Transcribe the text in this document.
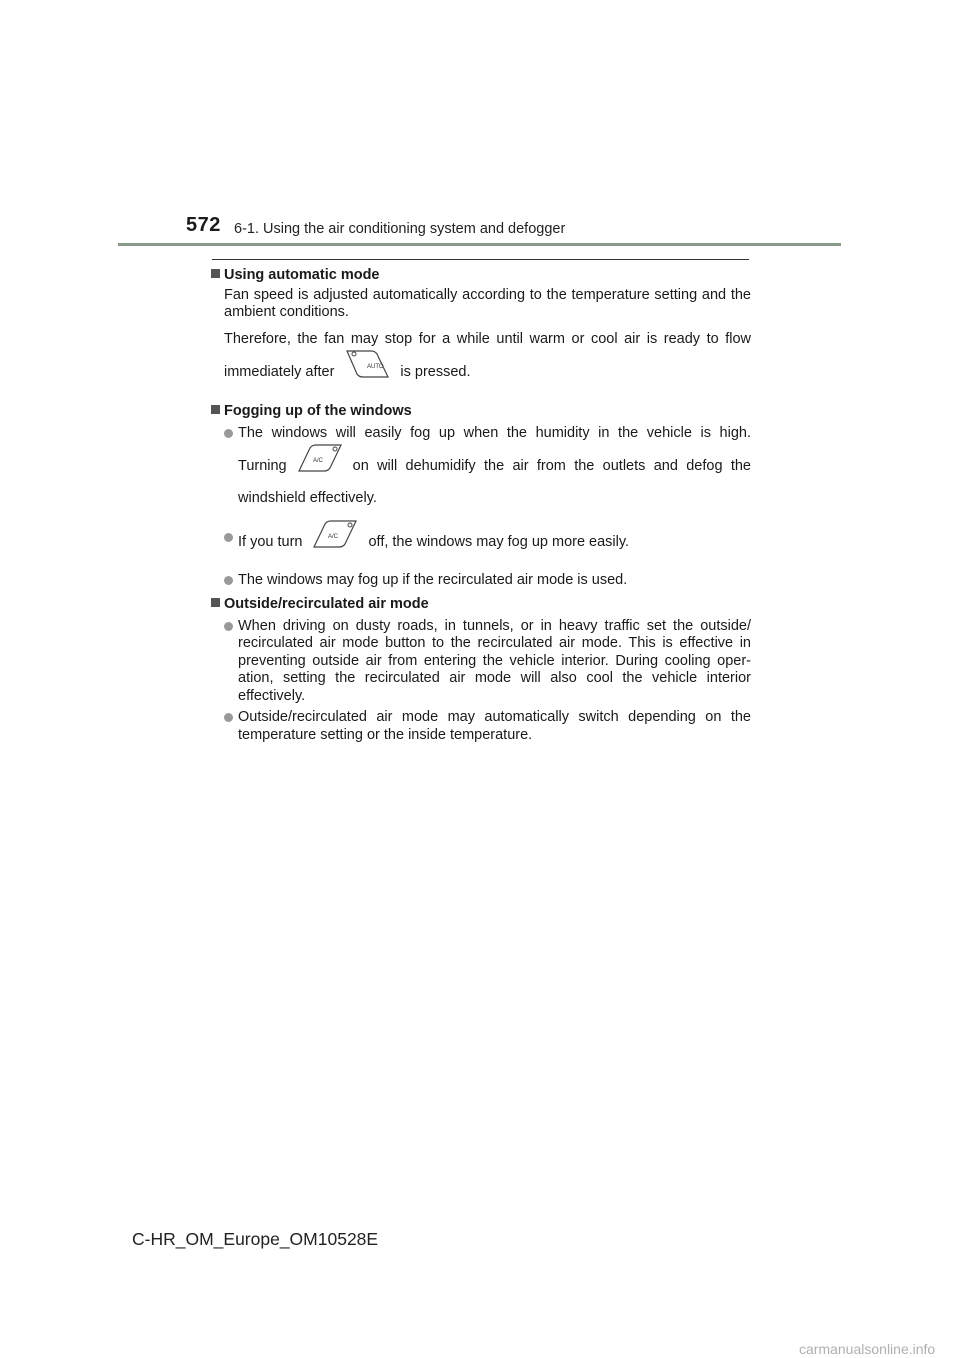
572 6-1. Using the air conditioning system and defogger
Using automatic mode
Fan speed is adjusted automatically according to the temperature setting and the ambient conditions.
Therefore, the fan may stop for a while until warm or cool air is ready to flow
immediately after	AUTO is pressed.
Fogging up of the windows
The windows will easily fog up when the humidity in the vehicle is high.
Turning	A/C on will dehumidify the air from the outlets and defog the
windshield effectively.
If you turn	A/C off, the windows may fog up more easily.
The windows may fog up if the recirculated air mode is used.
Outside/recirculated air mode
When driving on dusty roads, in tunnels, or in heavy traffic set the outside/ recirculated air mode button to the recirculated air mode. This is effective in preventing outside air from entering the vehicle interior. During cooling oper- ation, setting the recirculated air mode will also cool the vehicle interior effectively.
Outside/recirculated air mode may automatically switch depending on the temperature setting or the inside temperature.
C-HR_OM_Europe_OM10528E
carmanualsonline.info
